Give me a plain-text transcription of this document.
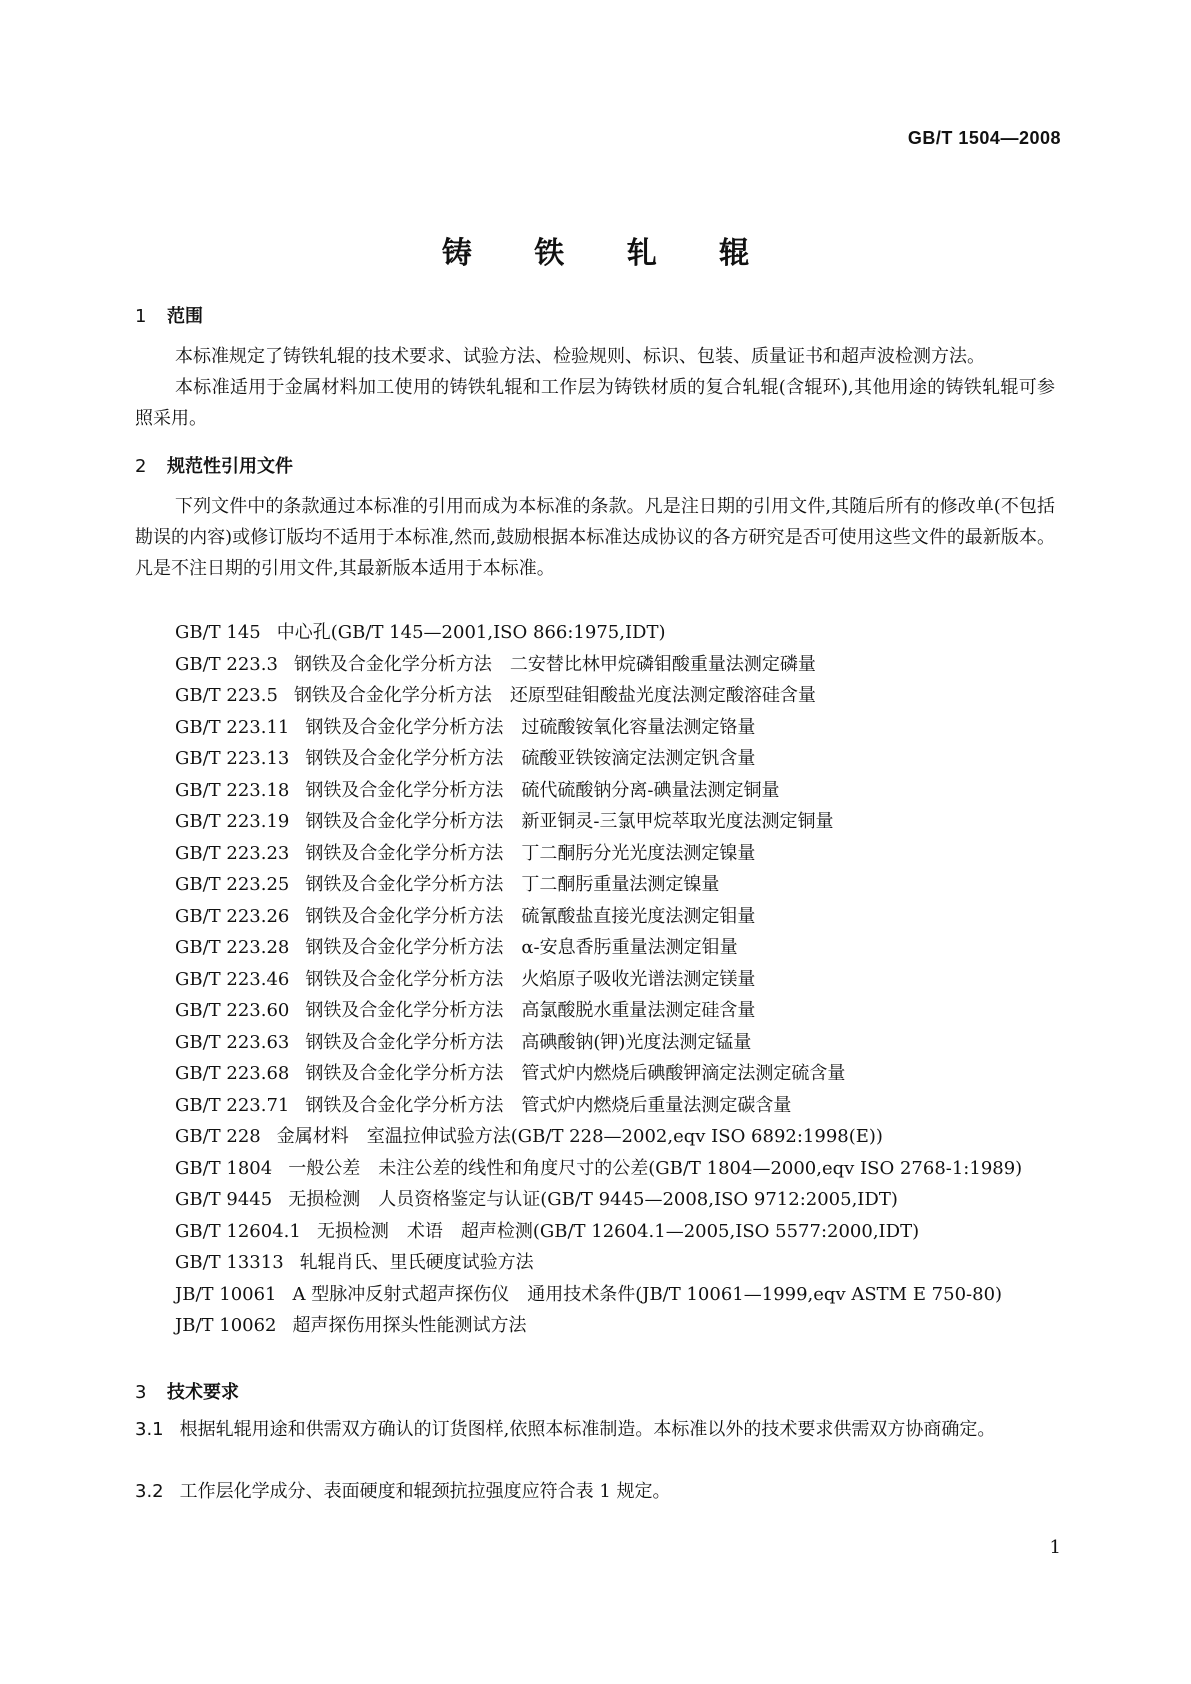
GB/T 1504—2008
铸 铁 轧 辊
1 范围
本标准规定了铸铁轧辊的技术要求、试验方法、检验规则、标识、包装、质量证书和超声波检测方法。
本标准适用于金属材料加工使用的铸铁轧辊和工作层为铸铁材质的复合轧辊(含辊环),其他用途的铸铁轧辊可参照采用。
2 规范性引用文件
下列文件中的条款通过本标准的引用而成为本标准的条款。凡是注日期的引用文件,其随后所有的修改单(不包括勘误的内容)或修订版均不适用于本标准,然而,鼓励根据本标准达成协议的各方研究是否可使用这些文件的最新版本。凡是不注日期的引用文件,其最新版本适用于本标准。
GB/T 145 中心孔(GB/T 145—2001,ISO 866:1975,IDT)
GB/T 223.3 钢铁及合金化学分析方法　二安替比林甲烷磷钼酸重量法测定磷量
GB/T 223.5 钢铁及合金化学分析方法　还原型硅钼酸盐光度法测定酸溶硅含量
GB/T 223.11 钢铁及合金化学分析方法　过硫酸铵氧化容量法测定铬量
GB/T 223.13 钢铁及合金化学分析方法　硫酸亚铁铵滴定法测定钒含量
GB/T 223.18 钢铁及合金化学分析方法　硫代硫酸钠分离-碘量法测定铜量
GB/T 223.19 钢铁及合金化学分析方法　新亚铜灵-三氯甲烷萃取光度法测定铜量
GB/T 223.23 钢铁及合金化学分析方法　丁二酮肟分光光度法测定镍量
GB/T 223.25 钢铁及合金化学分析方法　丁二酮肟重量法测定镍量
GB/T 223.26 钢铁及合金化学分析方法　硫氰酸盐直接光度法测定钼量
GB/T 223.28 钢铁及合金化学分析方法　α-安息香肟重量法测定钼量
GB/T 223.46 钢铁及合金化学分析方法　火焰原子吸收光谱法测定镁量
GB/T 223.60 钢铁及合金化学分析方法　高氯酸脱水重量法测定硅含量
GB/T 223.63 钢铁及合金化学分析方法　高碘酸钠(钾)光度法测定锰量
GB/T 223.68 钢铁及合金化学分析方法　管式炉内燃烧后碘酸钾滴定法测定硫含量
GB/T 223.71 钢铁及合金化学分析方法　管式炉内燃烧后重量法测定碳含量
GB/T 228 金属材料　室温拉伸试验方法(GB/T 228—2002,eqv ISO 6892:1998(E))
GB/T 1804 一般公差　未注公差的线性和角度尺寸的公差(GB/T 1804—2000,eqv ISO 2768-1:1989)
GB/T 9445 无损检测　人员资格鉴定与认证(GB/T 9445—2008,ISO 9712:2005,IDT)
GB/T 12604.1 无损检测　术语　超声检测(GB/T 12604.1—2005,ISO 5577:2000,IDT)
GB/T 13313 轧辊肖氏、里氏硬度试验方法
JB/T 10061 A 型脉冲反射式超声探伤仪　通用技术条件(JB/T 10061—1999,eqv ASTM E 750-80)
JB/T 10062 超声探伤用探头性能测试方法
3 技术要求
3.1 根据轧辊用途和供需双方确认的订货图样,依照本标准制造。本标准以外的技术要求供需双方协商确定。
3.2 工作层化学成分、表面硬度和辊颈抗拉强度应符合表 1 规定。
1
